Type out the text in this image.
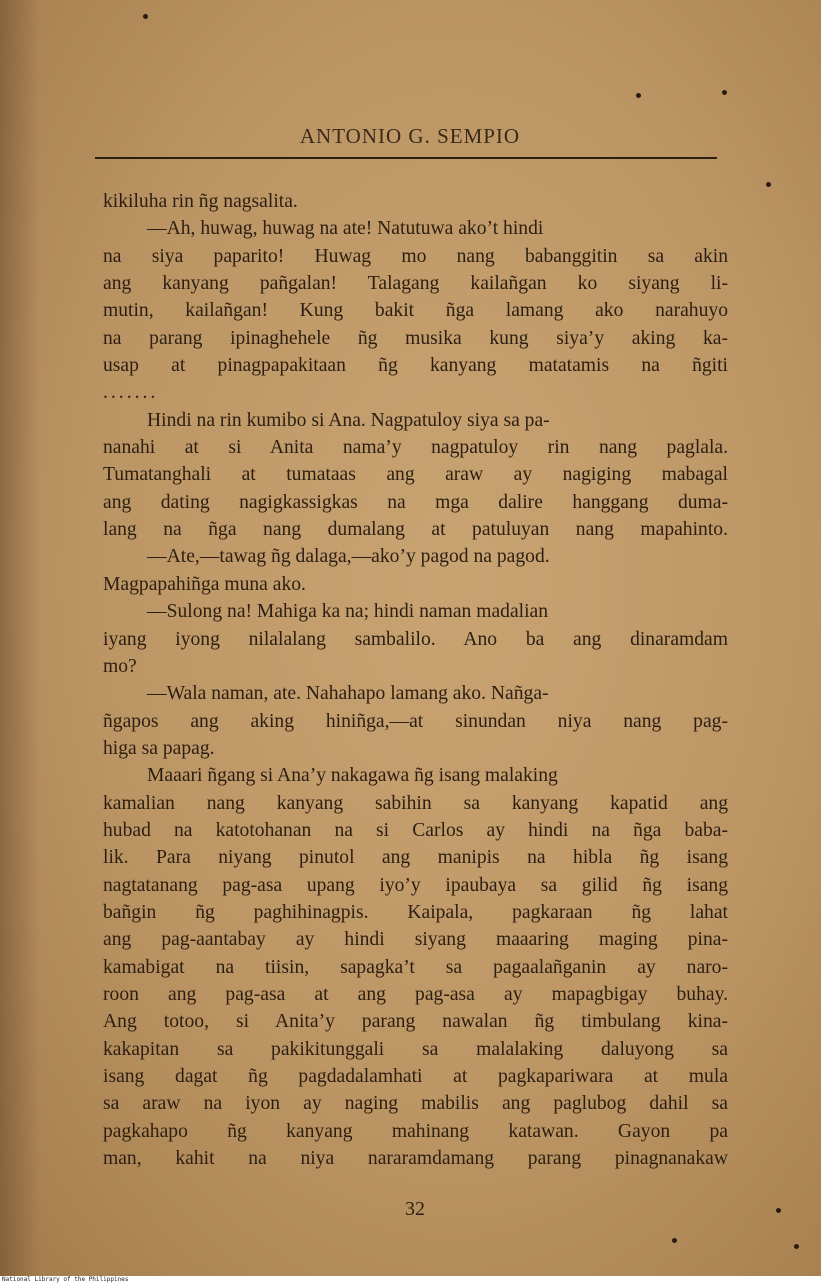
ANTONIO G. SEMPIO
kikiluha rin ñg nagsalita.
—Ah, huwag, huwag na ate! Natutuwa ako’t hindi
na siya paparito! Huwag mo nang babanggitin sa akin
ang kanyang pañgalan! Talagang kailañgan ko siyang li-
mutin, kailañgan! Kung bakit ñga lamang ako narahuyo
na parang ipinaghehele ñg musika kung siya’y aking ka-
usap at pinagpapakitaan ñg kanyang matatamis na ñgiti
.......
Hindi na rin kumibo si Ana. Nagpatuloy siya sa pa-
nanahi at si Anita nama’y nagpatuloy rin nang paglala.
Tumatanghali at tumataas ang araw ay nagiging mabagal
ang dating nagigkassigkas na mga dalire hanggang duma-
lang na ñga nang dumalang at patuluyan nang mapahinto.
—Ate,—tawag ñg dalaga,—ako’y pagod na pagod.
Magpapahiñga muna ako.
—Sulong na! Mahiga ka na; hindi naman madalian
iyang iyong nilalalang sambalilo. Ano ba ang dinaramdam
mo?
—Wala naman, ate. Nahahapo lamang ako. Nañga-
ñgapos ang aking hiniñga,—at sinundan niya nang pag-
higa sa papag.
Maaari ñgang si Ana’y nakagawa ñg isang malaking
kamalian nang kanyang sabihin sa kanyang kapatid ang
hubad na katotohanan na si Carlos ay hindi na ñga baba-
lik. Para niyang pinutol ang manipis na hibla ñg isang
nagtatanang pag-asa upang iyo’y ipaubaya sa gilid ñg isang
bañgin ñg paghihinagpis. Kaipala, pagkaraan ñg lahat
ang pag-aantabay ay hindi siyang maaaring maging pina-
kamabigat na tiisin, sapagka’t sa pagaalañganin ay naro-
roon ang pag-asa at ang pag-asa ay mapagbigay buhay.
Ang totoo, si Anita’y parang nawalan ñg timbulang kina-
kakapitan sa pakikitunggali sa malalaking daluyong sa
isang dagat ñg pagdadalamhati at pagkapariwara at mula
sa araw na iyon ay naging mabilis ang paglubog dahil sa
pagkahapo ñg kanyang mahinang katawan. Gayon pa
man, kahit na niya nararamdamang parang pinagnanakaw
32
National Library of the Philippines
